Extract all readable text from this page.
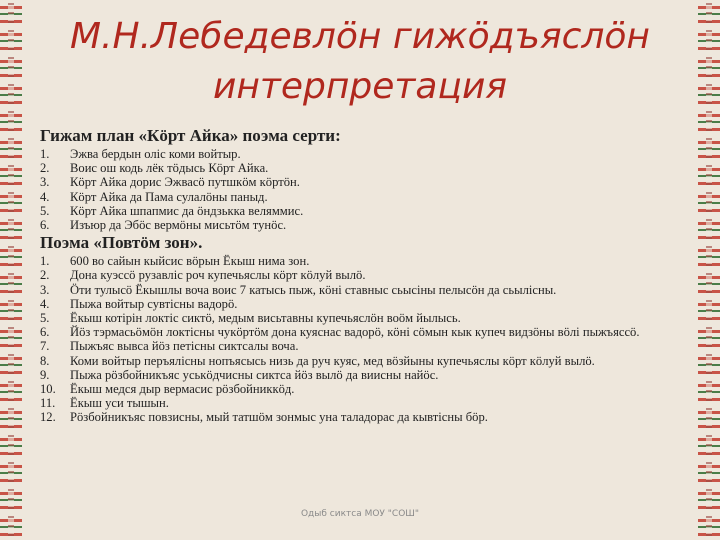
М.Н.Лебедевлӧн гижӧдъяслӧн интерпретация
Гижам план «Кӧрт Айка» поэма серти:
1. Эжва бердын олiс коми войтыр.
2. Воис ош кодь лёк тӧдысь Кӧрт Айка.
3. Кӧрт Айка дорис Эжвасӧ путшкӧм кӧртӧн.
4. Кӧрт Айка да Пама сулалӧны паныд.
5. Кӧрт Айка шпапмис да ӧндзькка веляммис.
6. Изъюр да Эбӧс вермӧны мисьтӧм тунӧс.
Поэма «Повтӧм зон».
1. 600 во сайын кыйсис вӧрын Ёкыш нима зон.
2. Дона куэссӧ рузавлiс роч купечьяслы кӧрт кӧлуй вылӧ.
3. Ӧти тулысӧ Ёкышлы воча воис 7 катысь пыж, кӧнi ставныс сьысiны пелысӧн да сьылiсны.
4. Пыжа войтыр сувтiсны вадорӧ.
5. Ёкыш котiрiн локтiс сиктӧ, медым висьтавны купечьяслӧн воӧм йылысь.
6. Йӧз тэрмасьӧмӧн локтiсны чукӧртӧм дона куяснас вадорӧ, кӧнi сӧмын кык купеч видзӧны вӧлi пыжъяссӧ.
7. Пыжъяс вывса йӧз петiсны сиктсалы воча.
8. Коми войтыр перъялiсны нопъясысь низь да руч куяс, мед вӧзйыны купечьяслы кӧрт кӧлуй вылӧ.
9. Пыжа рӧзбойникъяс уськӧдчисны сиктса йӧз вылӧ да виисны найӧс.
10. Ёкыш медся дыр вермасис рӧзбойниккӧд.
11. Ёкыш уси тышын.
12. Рӧзбойникъяс повзисны, мый татшӧм зонмыс уна таладорас да кывтiсны бӧр.
Одыб сиктса МОУ "СОШ"
